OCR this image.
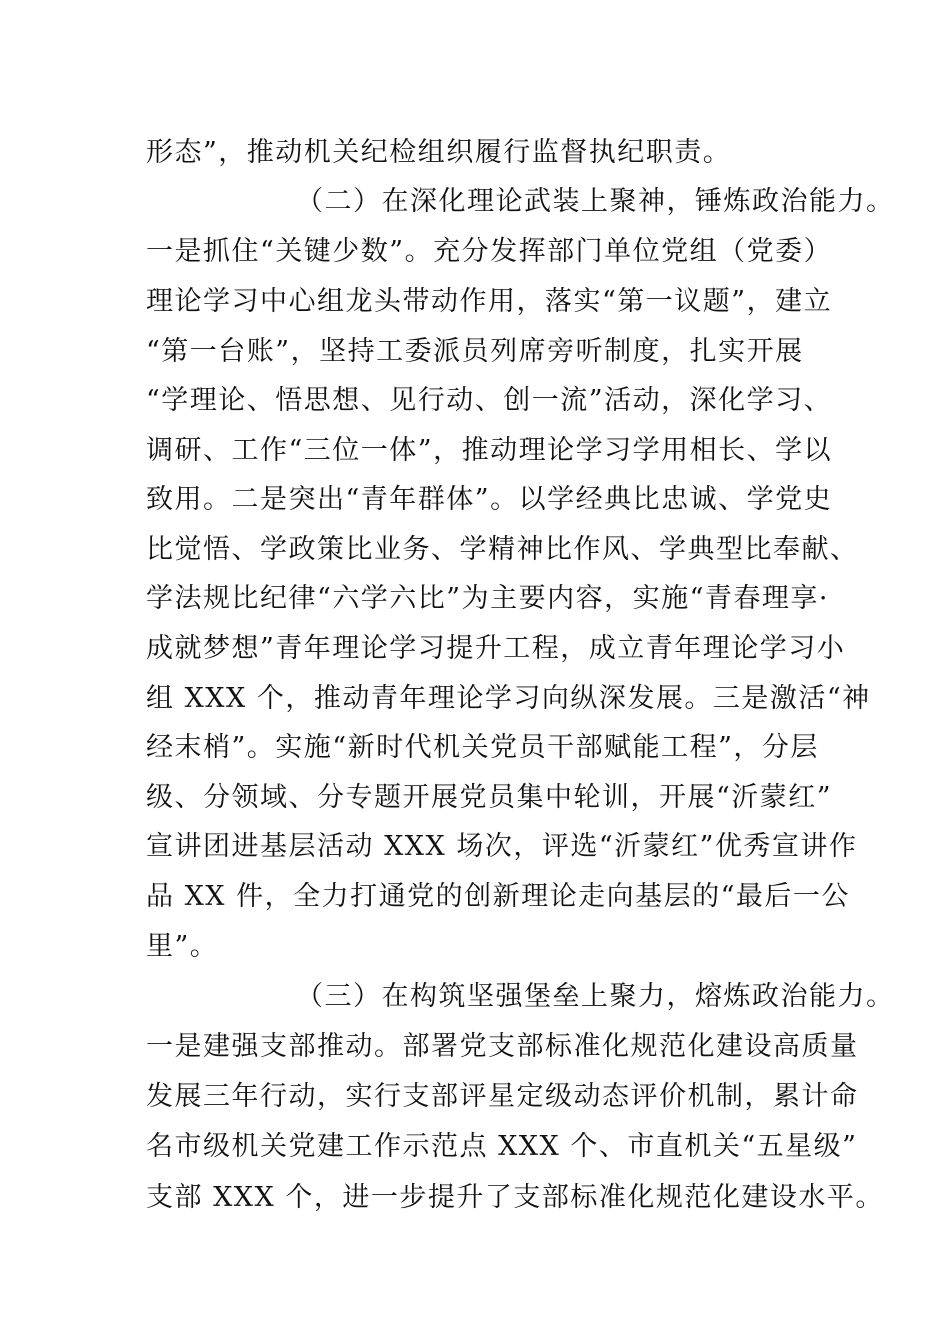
形态”，推动机关纪检组织履行监督执纪职责。
（二）在深化理论武装上聚神，锤炼政治能力。
一是抓住“关键少数”。充分发挥部门单位党组（党委）
理论学习中心组龙头带动作用，落实“第一议题”，建立
“第一台账”，坚持工委派员列席旁听制度，扎实开展
“学理论、悟思想、见行动、创一流”活动，深化学习、
调研、工作“三位一体”，推动理论学习学用相长、学以
致用。二是突出“青年群体”。以学经典比忠诚、学党史
比觉悟、学政策比业务、学精神比作风、学典型比奉献、
学法规比纪律“六学六比”为主要内容，实施“青春理享·
成就梦想”青年理论学习提升工程，成立青年理论学习小
组 XXX 个，推动青年理论学习向纵深发展。三是激活“神
经末梢”。实施“新时代机关党员干部赋能工程”，分层
级、分领域、分专题开展党员集中轮训，开展“沂蒙红”
宣讲团进基层活动 XXX 场次，评选“沂蒙红”优秀宣讲作
品 XX 件，全力打通党的创新理论走向基层的“最后一公
里”。
（三）在构筑坚强堡垒上聚力，熔炼政治能力。
一是建强支部推动。部署党支部标准化规范化建设高质量
发展三年行动，实行支部评星定级动态评价机制，累计命
名市级机关党建工作示范点 XXX 个、市直机关“五星级”
支部 XXX 个，进一步提升了支部标准化规范化建设水平。
